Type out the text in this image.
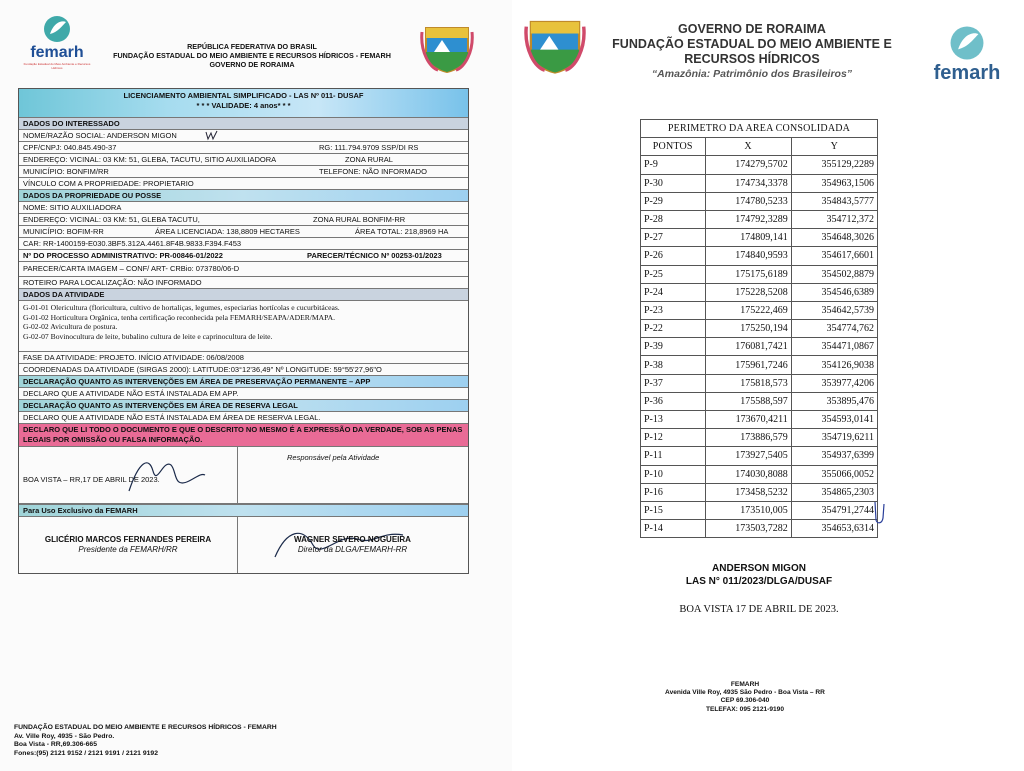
femarh
Fundação Estadual do Meio Ambiente e Recursos Hídricos
REPÚBLICA FEDERATIVA DO BRASIL
FUNDAÇÃO ESTADUAL DO MEIO AMBIENTE E RECURSOS HÍDRICOS - FEMARH
GOVERNO DE RORAIMA
LICENCIAMENTO AMBIENTAL SIMPLIFICADO - LAS Nº 011- DUSAF
* * * VALIDADE: 4 anos* * *
DADOS DO INTERESSADO
NOME/RAZÃO SOCIAL: ANDERSON MIGON
CPF/CNPJ: 040.845.490-37	RG: 111.794.9709 SSP/DI RS
ENDEREÇO: VICINAL: 03 KM: 51, GLEBA, TACUTU, SITIO AUXILIADORA	ZONA RURAL
MUNICÍPIO: BONFIM/RR	TELEFONE: NÃO INFORMADO
VÍNCULO COM A PROPRIEDADE: PROPIETARIO
DADOS DA PROPRIEDADE OU POSSE
NOME: SITIO AUXILIADORA
ENDEREÇO: VICINAL: 03 KM: 51, GLEBA TACUTU,	ZONA RURAL BONFIM-RR
MUNICÍPIO: BOFIM-RR	ÁREA LICENCIADA: 138,8809 HECTARES	ÁREA TOTAL: 218,8969 HA
CAR: RR-1400159-E030.3BF5.312A.4461.8F4B.9833.F394.F453
Nº DO PROCESSO ADMINISTRATIVO: PR-00846-01/2022	PARECER/TÉCNICO Nº 00253-01/2023
PARECER/CARTA IMAGEM – CONF/ ART- CRBio: 073780/06-D
ROTEIRO PARA LOCALIZAÇÃO: NÃO INFORMADO
DADOS DA ATIVIDADE
G-01-01 Olericultura (floricultura, cultivo de hortaliças, legumes, especiarias hortícolas e cucurbitáceas.
G-01-02 Horticultura Orgânica, tenha certificação reconhecida pela FEMARH/SEAPA/ADER/MAPA.
G-02-02 Avicultura de postura.
G-02-07 Bovinocultura de leite, bubalino cultura de leite e caprinocultura de leite.
FASE DA ATIVIDADE: PROJETO. INÍCIO ATIVIDADE: 06/08/2008
COORDENADAS DA ATIVIDADE (SIRGAS 2000): LATITUDE:03°12'36,49" Nº LONGITUDE: 59°55'27,96"O
DECLARAÇÃO QUANTO AS INTERVENÇÕES EM ÁREA DE PRESERVAÇÃO PERMANENTE – APP
DECLARO QUE A ATIVIDADE NÃO ESTÁ INSTALADA EM APP.
DECLARAÇÃO QUANTO AS INTERVENÇÕES EM ÁREA DE RESERVA LEGAL
DECLARO QUE A ATIVIDADE NÃO ESTÁ INSTALADA EM ÁREA DE RESERVA LEGAL.
DECLARO QUE LI TODO O DOCUMENTO E QUE O DESCRITO NO MESMO É A EXPRESSÃO DA VERDADE, SOB AS PENAS LEGAIS POR OMISSÃO OU FALSA INFORMAÇÃO.
BOA VISTA – RR,17 DE ABRIL DE 2023.
Responsável pela Atividade
Para Uso Exclusivo da FEMARH
GLICÉRIO MARCOS FERNANDES PEREIRA
Presidente da FEMARH/RR
WAGNER SEVERO NOGUEIRA
Diretor da DLGA/FEMARH-RR
FUNDAÇÃO ESTADUAL DO MEIO AMBIENTE E RECURSOS HÍDRICOS - FEMARH
Av. Ville Roy, 4935 - São Pedro.
Boa Vista - RR,69.306-665
Fones:(95) 2121 9152 / 2121 9191 / 2121 9192
GOVERNO DE RORAIMA
FUNDAÇÃO ESTADUAL DO MEIO AMBIENTE E
RECURSOS HÍDRICOS
“Amazônia: Patrimônio dos Brasileiros”	femarh
PERIMETRO DA AREA CONSOLIDADA		
PONTOS	X	Y
P-9	174279,5702	355129,2289
P-30	174734,3378	354963,1506
P-29	174780,5233	354843,5777
P-28	174792,3289	354712,372
P-27	174809,141	354648,3026
P-26	174840,9593	354617,6601
P-25	175175,6189	354502,8879
P-24	175228,5208	354546,6389
P-23	175222,469	354642,5739
P-22	175250,194	354774,762
P-39	176081,7421	354471,0867
P-38	175961,7246	354126,9038
P-37	175818,573	353977,4206
P-36	175588,597	353895,476
P-13	173670,4211	354593,0141
P-12	173886,579	354719,6211
P-11	173927,5405	354937,6399
P-10	174030,8088	355066,0052
P-16	173458,5232	354865,2303
P-15	173510,005	354791,2744
P-14	173503,7282	354653,6314
ANDERSON MIGON
LAS N° 011/2023/DLGA/DUSAF
BOA VISTA 17 DE ABRIL DE 2023.
FEMARH
Avenida Ville Roy, 4935 São Pedro - Boa Vista – RR
CEP 69.306-040
TELEFAX: 095 2121-9190
